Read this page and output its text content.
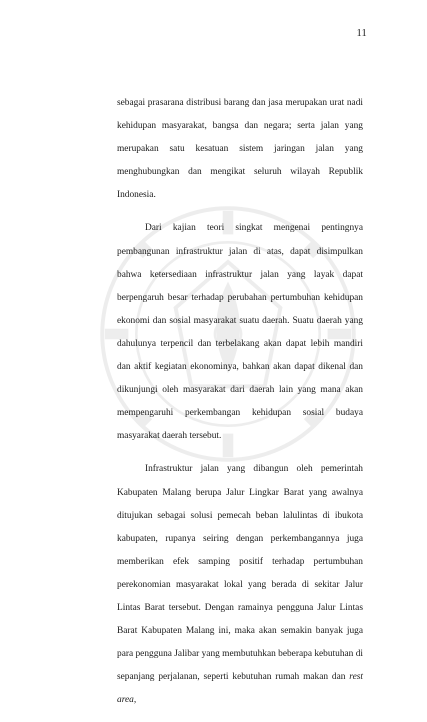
11

sebagai prasarana distribusi barang dan jasa merupakan urat nadi kehidupan masyarakat, bangsa dan negara; serta jalan yang merupakan satu kesatuan sistem jaringan jalan yang menghubungkan dan mengikat seluruh wilayah Republik Indonesia.

Dari kajian teori singkat mengenai pentingnya pembangunan infrastruktur jalan di atas, dapat disimpulkan bahwa ketersediaan infrastruktur jalan yang layak dapat berpengaruh besar terhadap perubahan pertumbuhan kehidupan ekonomi dan sosial masyarakat suatu daerah. Suatu daerah yang dahulunya terpencil dan terbelakang akan dapat lebih mandiri dan aktif kegiatan ekonominya, bahkan akan dapat dikenal dan dikunjungi oleh masyarakat dari daerah lain yang mana akan mempengaruhi perkembangan kehidupan sosial budaya masyarakat daerah tersebut.

Infrastruktur jalan yang dibangun oleh pemerintah Kabupaten Malang berupa Jalur Lingkar Barat yang awalnya ditujukan sebagai solusi pemecah beban lalulintas di ibukota kabupaten, rupanya seiring dengan perkembangannya juga memberikan efek samping positif terhadap pertumbuhan perekonomian masyarakat lokal yang berada di sekitar Jalur Lintas Barat tersebut. Dengan ramainya pengguna Jalur Lintas Barat Kabupaten Malang ini, maka akan semakin banyak juga para pengguna Jalibar yang membutuhkan beberapa kebutuhan di sepanjang perjalanan, seperti kebutuhan rumah makan dan rest area,
